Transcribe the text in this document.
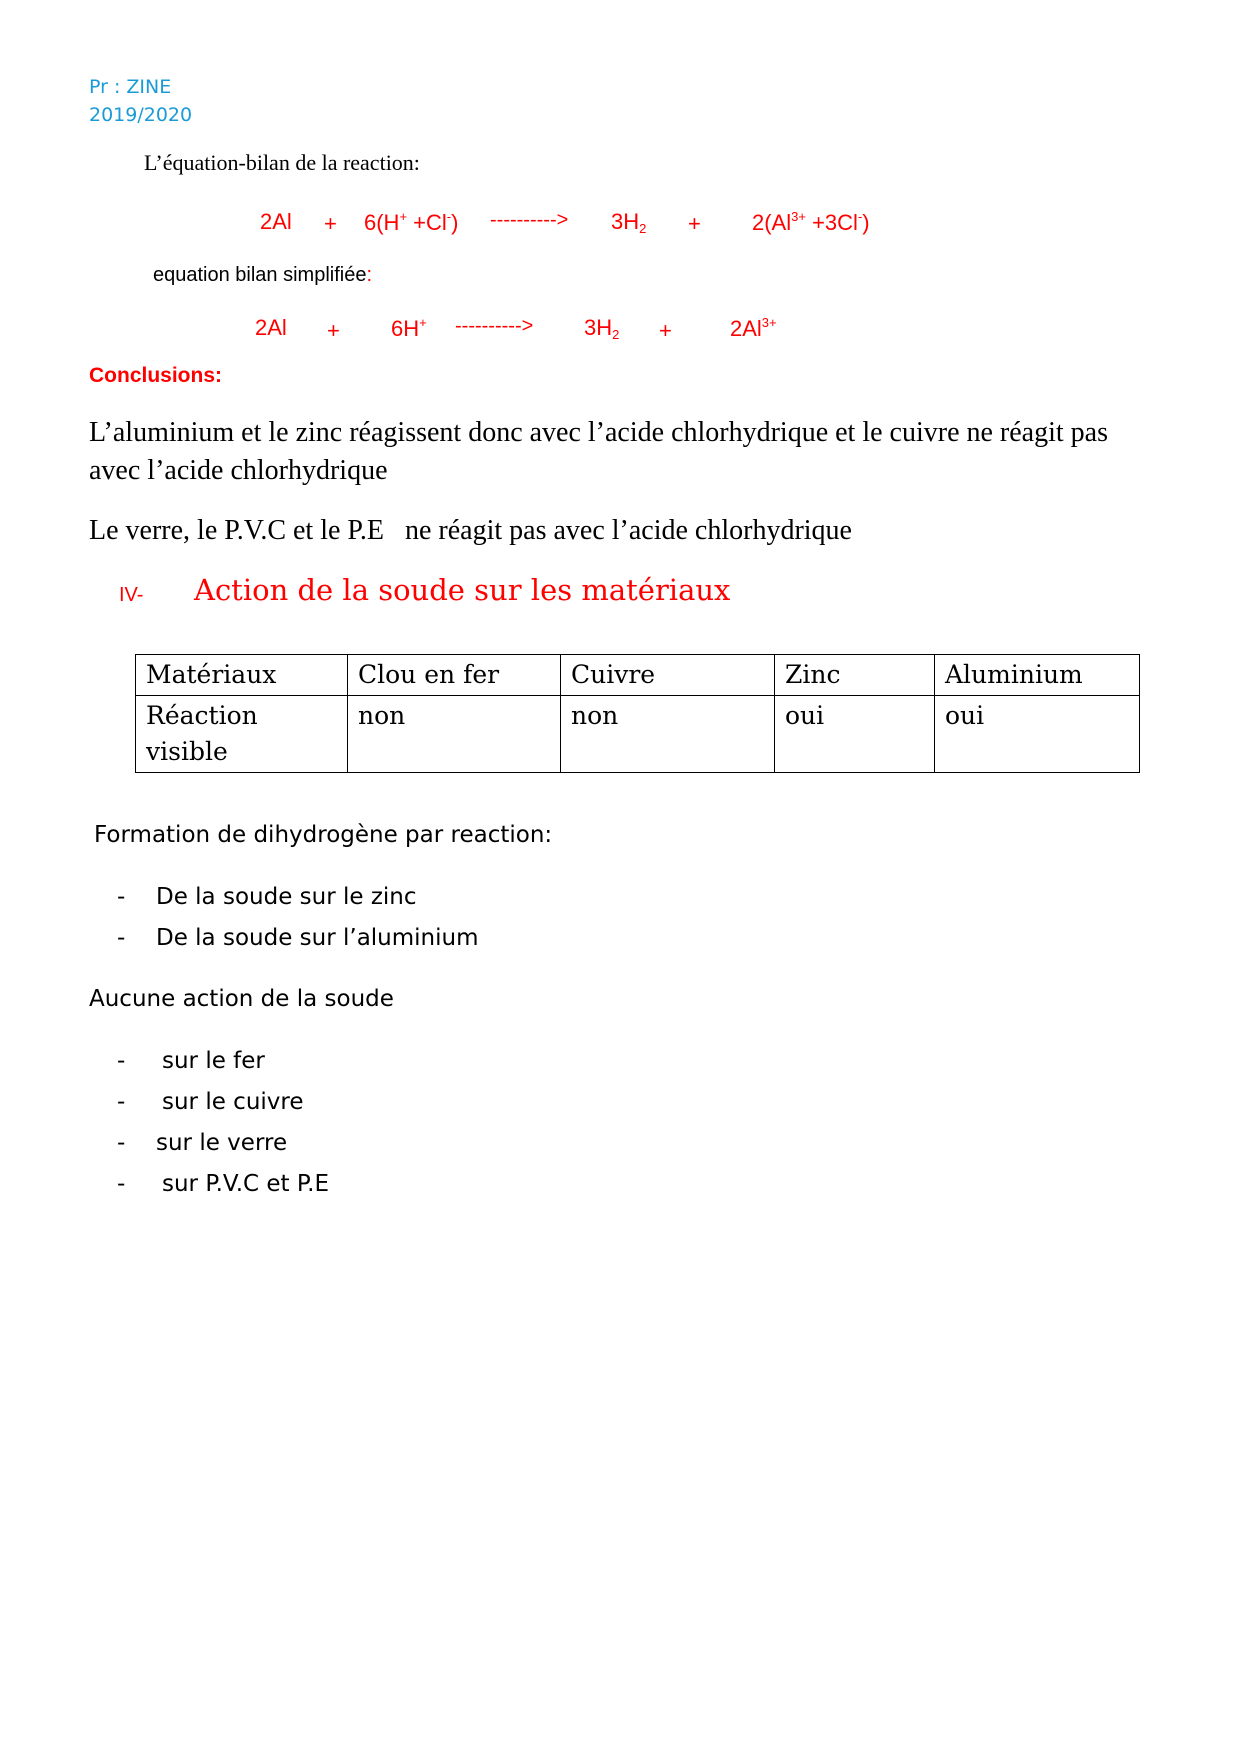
Pr : ZINE
2019/2020
L’équation-bilan de la reaction:
2Al + 6(H+ +Cl-) ----------> $3H_2 + 2(Al^{3+} +3Cl^-)$
equation bilan simplifiée:
2Al + 6H+ ----------> $3H_2$ +	$2Al^{3+}$
Conclusions:
L’aluminium et le zinc réagissent donc avec l’acide chlorhydrique et le cuivre ne réagit pas
avec l’acide chlorhydrique
Le verre, le P.V.C et le P.E   ne réagit pas avec l’acide chlorhydrique
IV- Action de la soude sur les matériaux
Matériaux	Clou en fer	Cuivre	Zinc	Aluminium
Réaction
visible	non	non	oui	oui
Formation de dihydrogène par reaction:
- De la soude sur le zinc
- De la soude sur l’aluminium
Aucune action de la soude
- sur le fer
- sur le cuivre
- sur le verre
- sur P.V.C et P.E
